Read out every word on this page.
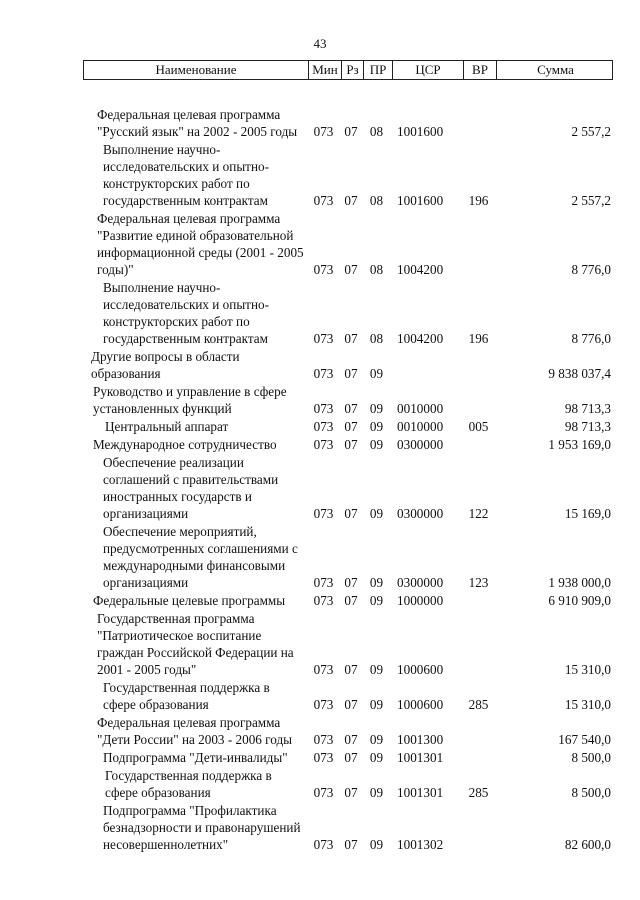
43
Наименование	Мин Рз ПР	ЦСР	ВР	Сумма
Федеральная целевая программа
"Русский язык" на 2002 - 2005 годы	073 07 08	1001600	2 557,2
Выполнение научно-
исследовательских и опытно-
конструкторских работ по
государственным контрактам	073 07 08	1001600	196	2 557,2
Федеральная целевая программа
"Развитие единой образовательной
информационной среды (2001 - 2005
годы)"	073 07 08	1004200	8 776,0
Выполнение научно-
исследовательских и опытно-
конструкторских работ по
государственным контрактам	073 07 08	1004200	196	8 776,0
Другие вопросы в области
образования	073 07 09	9 838 037,4
Руководство и управление в сфере
установленных функций	073 07 09	0010000	98 713,3
Центральный аппарат	073 07 09	0010000	005	98 713,3
Международное сотрудничество	073 07 09	0300000	1 953 169,0
Обеспечение реализации
соглашений с правительствами
иностранных государств и
организациями	073 07 09	0300000	122	15 169,0
Обеспечение мероприятий,
предусмотренных соглашениями с
международными финансовыми
организациями	073 07 09	0300000	123	1 938 000,0
Федеральные целевые программы	073 07 09	1000000	6 910 909,0
Государственная программа
"Патриотическое воспитание
граждан Российской Федерации на
2001 - 2005 годы"	073 07 09	1000600	15 310,0
Государственная поддержка в
сфере образования	073 07 09	1000600	285	15 310,0
Федеральная целевая программа
"Дети России" на 2003 - 2006 годы	073 07 09	1001300	167 540,0
Подпрограмма "Дети-инвалиды"	073 07 09	1001301	8 500,0
Государственная поддержка в
сфере образования	073 07 09	1001301	285	8 500,0
Подпрограмма "Профилактика
безнадзорности и правонарушений
несовершеннолетних"	073 07 09	1001302	82 600,0
